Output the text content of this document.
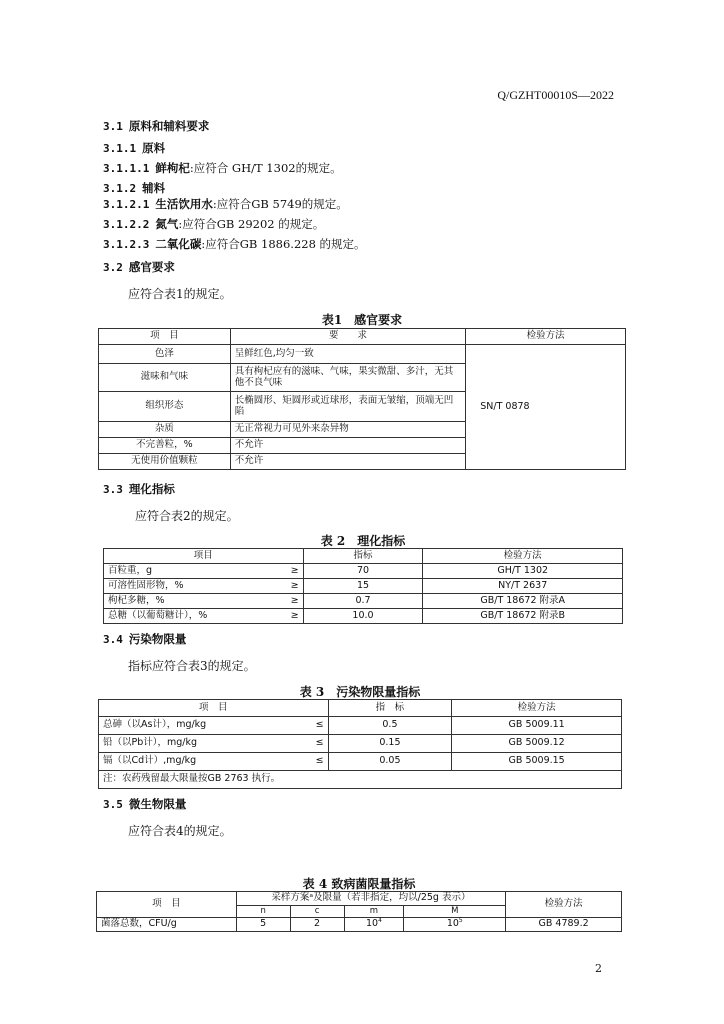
Q/GZHT00010S—2022
3.1 原料和辅料要求
3.1.1 原料
3.1.1.1 鲜枸杞:应符合 GH/T 1302的规定。
3.1.2 辅料
3.1.2.1 生活饮用水:应符合GB 5749的规定。
3.1.2.2 氮气:应符合GB 29202 的规定。
3.1.2.3 二氧化碳:应符合GB 1886.228 的规定。
3.2 感官要求
应符合表1的规定。
表1　感官要求
项　目	要　　求	检验方法
色泽	呈鲜红色,均匀一致	SN/T 0878
滋味和气味	具有枸杞应有的滋味、气味，果实微甜、多汁，无其他不良气味	
组织形态	长椭圆形、矩圆形或近球形，表面无皱缩，顶端无凹陷	
杂质	无正常视力可见外来杂异物	
不完善粒，%	不允许	
无使用价值颗粒	不允许	
3.3 理化指标
应符合表2的规定。
表 2　理化指标
项目		指标	检验方法
百粒重，g	≥	70	GH/T 1302
可溶性固形物，%	≥	15	NY/T 2637
枸杞多糖，%	≥	0.7	GB/T 18672 附录A
总糖（以葡萄糖计），%	≥	10.0	GB/T 18672 附录B
3.4 污染物限量
指标应符合表3的规定。
表 3　污染物限量指标
项　目		指　标	检验方法
总砷（以As计），mg/kg	≤	0.5	GB 5009.11
铅（以Pb计），mg/kg	≤	0.15	GB 5009.12
镉（以Cd计）,mg/kg	≤	0.05	GB 5009.15
注：农药残留最大限量按GB 2763 执行。			
3.5 微生物限量
应符合表4的规定。
表 4 致病菌限量指标
项　目	采样方案ᵃ及限量（若非指定，均以/25g 表示）				检验方法
	n	c	m	M	
菌落总数，CFU/g	5	2	$10^4$	$10^5$	GB 4789.2
2
